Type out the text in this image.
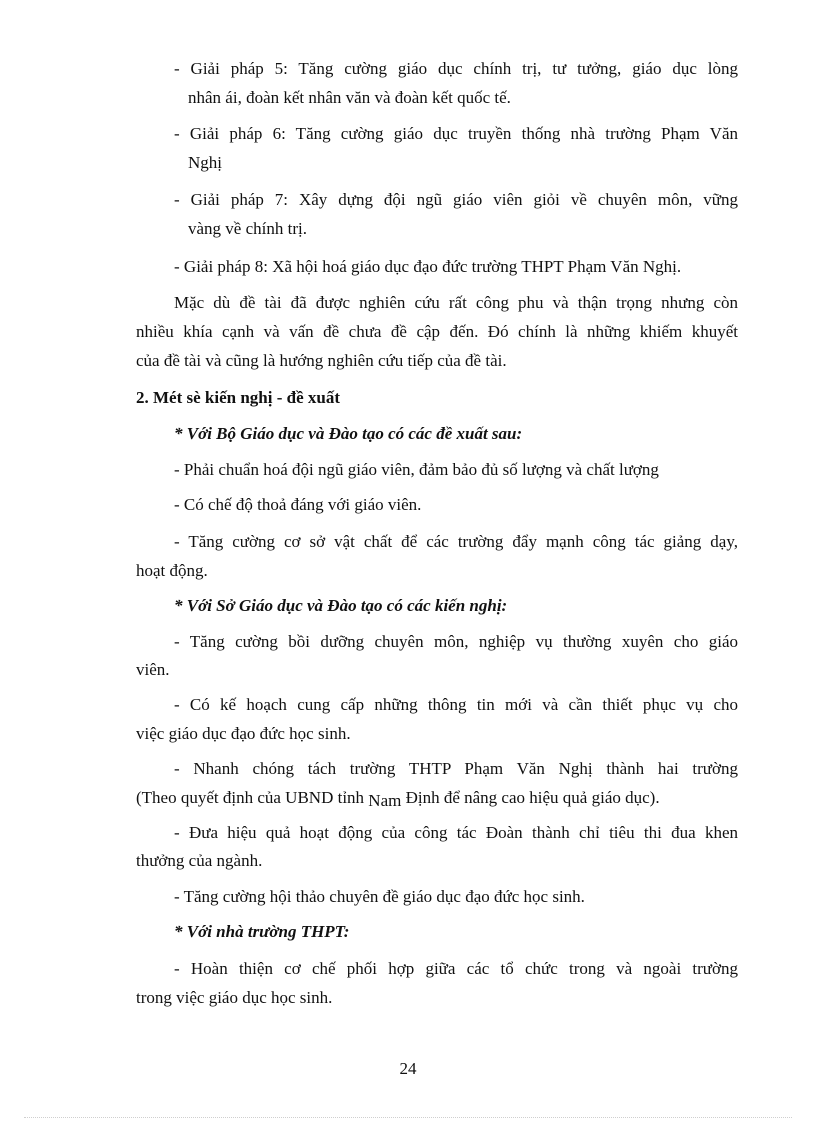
- Giải pháp 5: Tăng cường giáo dục chính trị, tư tưởng, giáo dục lòng
nhân ái, đoàn kết nhân văn và đoàn kết quốc tế.
- Giải pháp 6: Tăng cường giáo dục truyền thống nhà trường Phạm Văn
Nghị
- Giải pháp 7: Xây dựng đội ngũ giáo viên giỏi về chuyên môn, vững
vàng về chính trị.
- Giải pháp 8: Xã hội hoá giáo dục đạo đức trường THPT Phạm Văn Nghị.
Mặc dù đề tài đã được nghiên cứu rất công phu và thận trọng nhưng còn
nhiều khía cạnh và vấn đề chưa đề cập đến. Đó chính là những khiếm khuyết
của đề tài và cũng là hướng nghiên cứu tiếp của đề tài.
2. Mét sè kiến nghị - đề xuất
* Với Bộ Giáo dục và Đào tạo có các đề xuất sau:
- Phải chuẩn hoá đội ngũ giáo viên, đảm bảo đủ số lượng và chất lượng
- Có chế độ thoả đáng với giáo viên.
- Tăng cường cơ sở vật chất để các trường đẩy mạnh công tác giảng dạy,
hoạt động.
* Với Sở Giáo dục và Đào tạo có các kiến nghị:
- Tăng cường bồi dưỡng chuyên môn, nghiệp vụ thường xuyên cho giáo
viên.
- Có kế hoạch cung cấp những thông tin mới và cần thiết phục vụ cho
việc giáo dục đạo đức học sinh.
- Nhanh chóng tách trường THTP Phạm Văn Nghị thành hai trường
(Theo quyết định của UBND tỉnh Nam Định để nâng cao hiệu quả giáo dục).
- Đưa hiệu quả hoạt động của công tác Đoàn thành chỉ tiêu thi đua khen
thưởng của ngành.
- Tăng cường hội thảo chuyên đề giáo dục đạo đức học sinh.
* Với nhà trường THPT:
- Hoàn thiện cơ chế phối hợp giữa các tổ chức trong và ngoài trường
trong việc giáo dục học sinh.
24
